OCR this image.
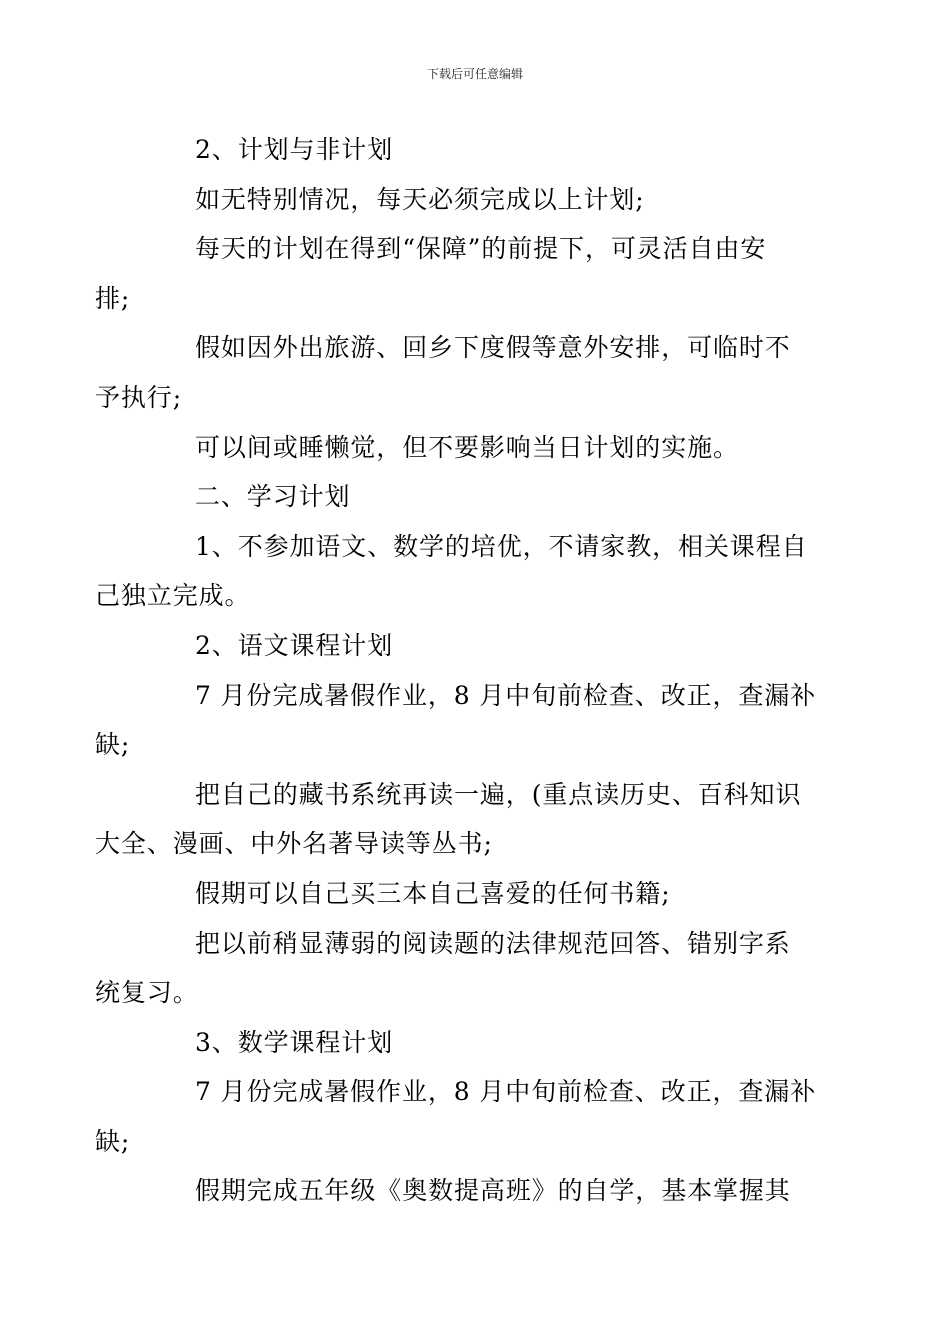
下载后可任意编辑

2、计划与非计划

如无特别情况，每天必须完成以上计划;

每天的计划在得到“保障”的前提下，可灵活自由安
排;

假如因外出旅游、回乡下度假等意外安排，可临时不
予执行;

可以间或睡懒觉，但不要影响当日计划的实施。

二、学习计划

1、不参加语文、数学的培优，不请家教，相关课程自
己独立完成。

2、语文课程计划

7 月份完成暑假作业，8 月中旬前检查、改正，查漏补
缺;

把自己的藏书系统再读一遍，(重点读历史、百科知识
大全、漫画、中外名著导读等丛书;

假期可以自己买三本自己喜爱的任何书籍;

把以前稍显薄弱的阅读题的法律规范回答、错别字系
统复习。

3、数学课程计划

7 月份完成暑假作业，8 月中旬前检查、改正，查漏补
缺;

假期完成五年级《奥数提高班》的自学，基本掌握其
